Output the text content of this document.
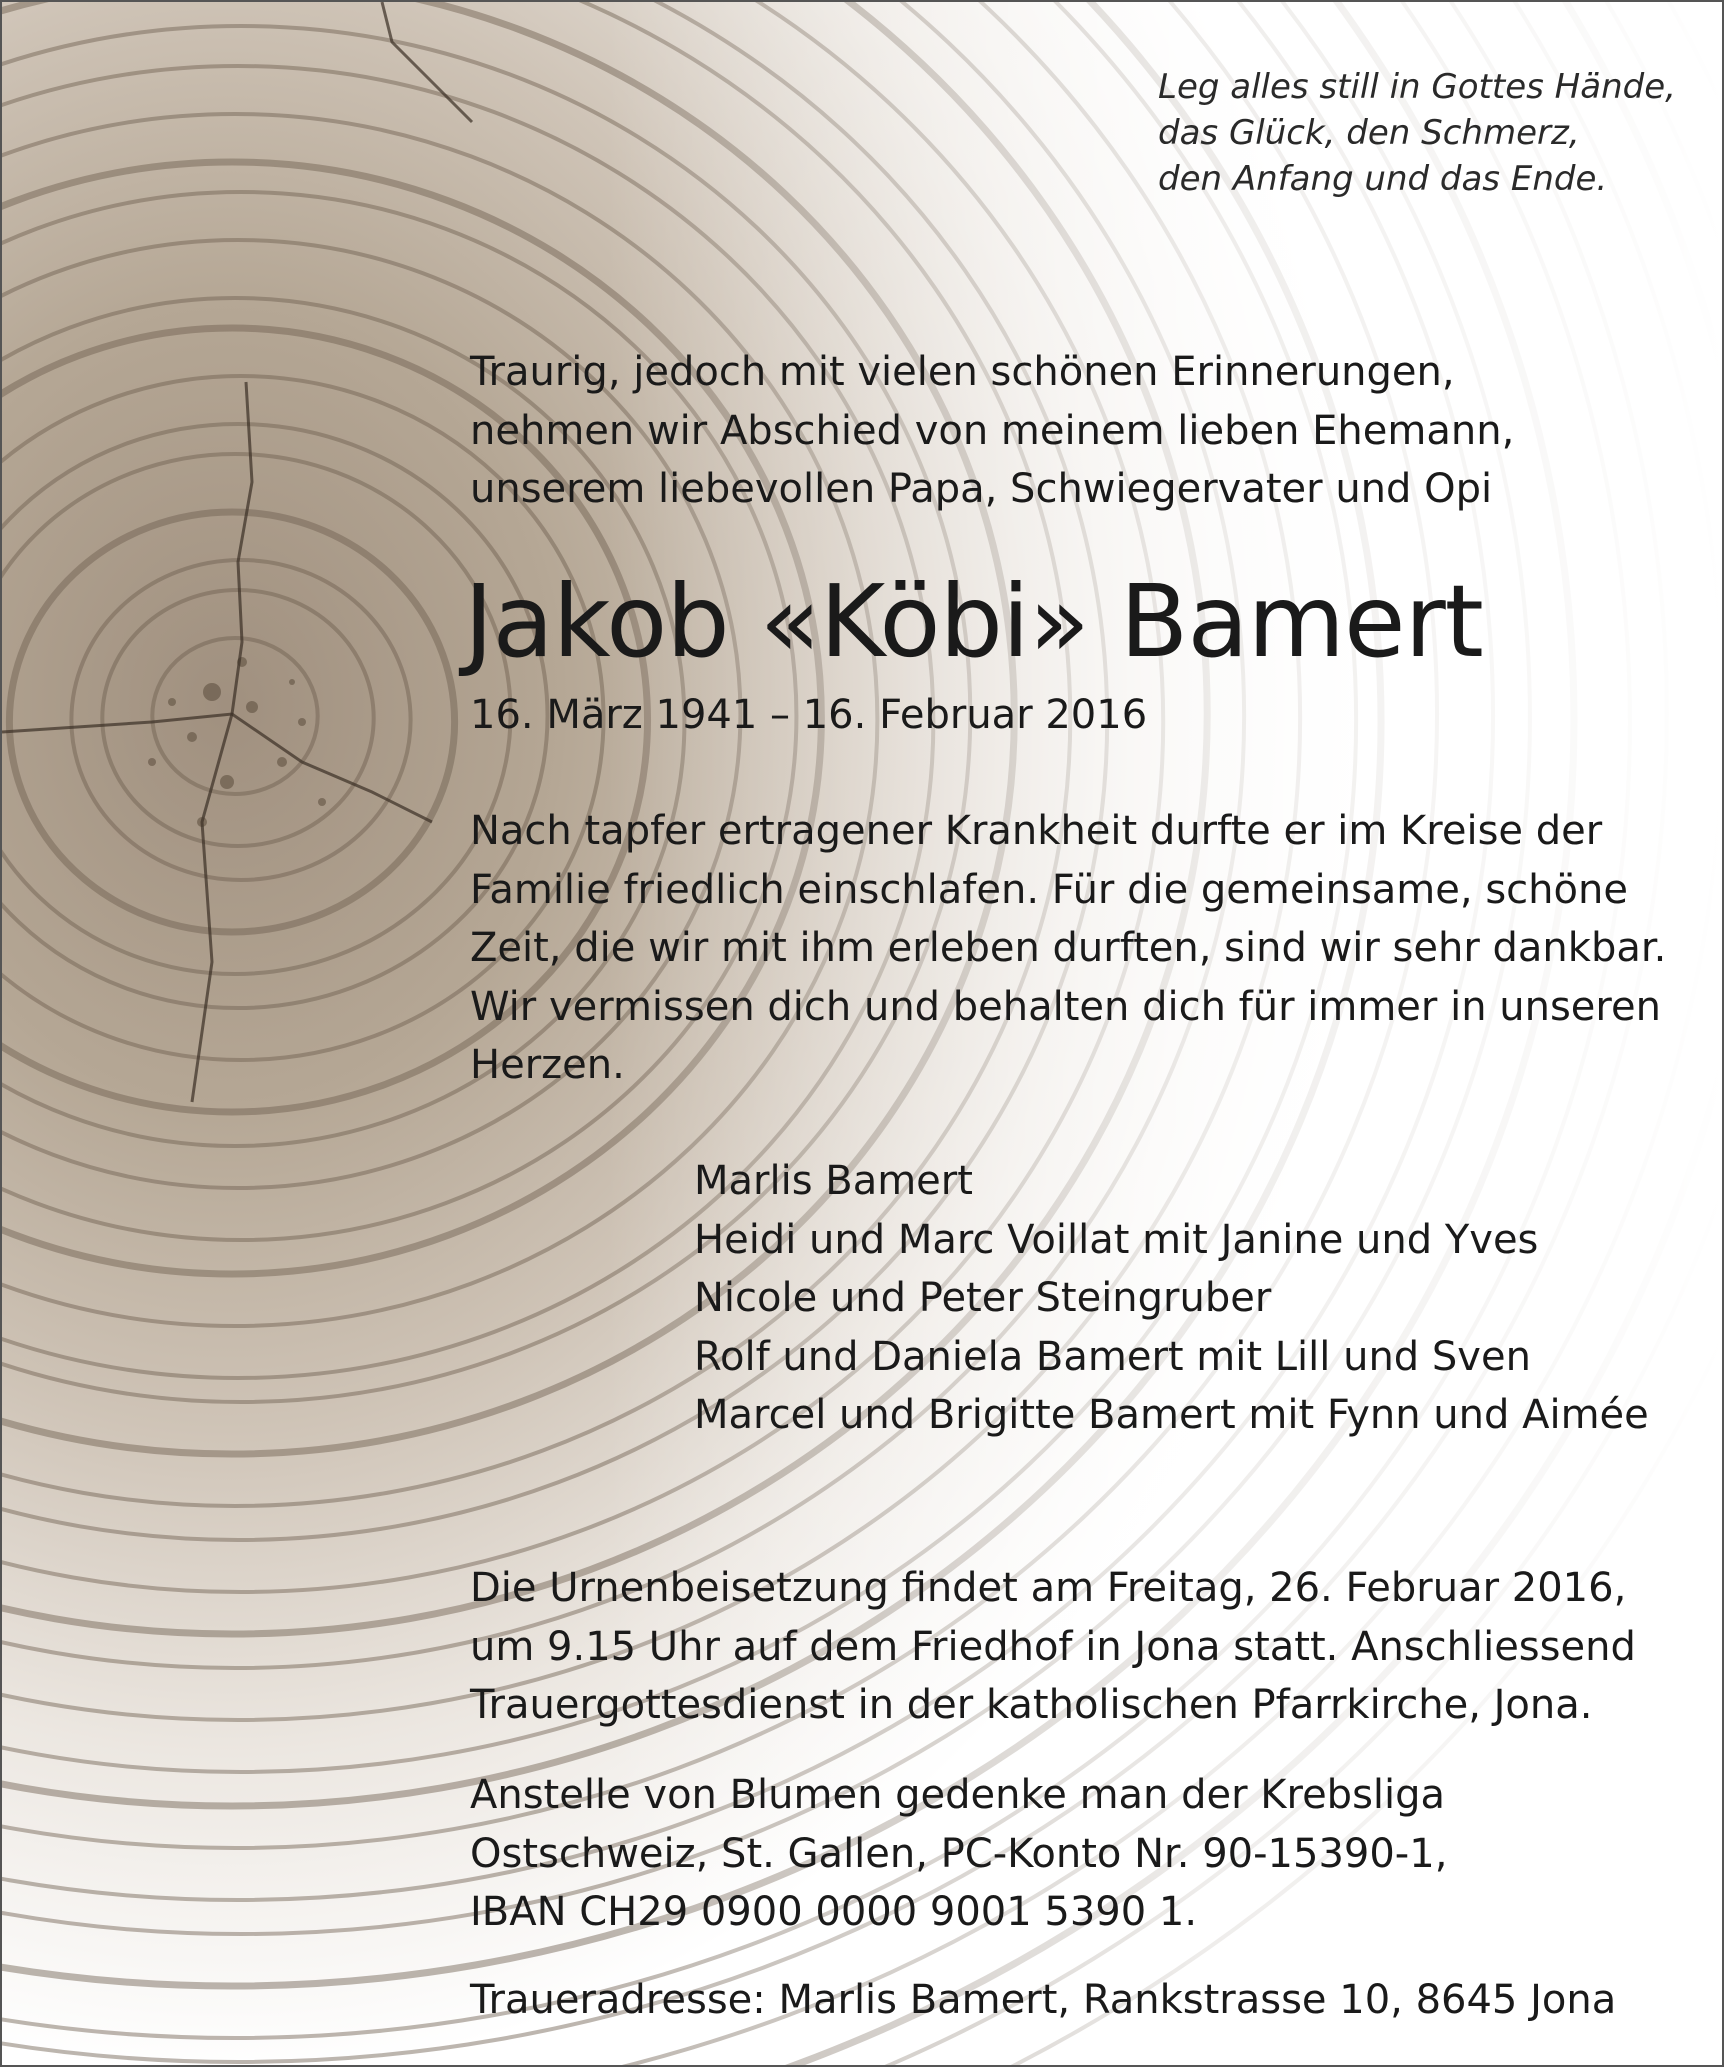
Leg alles still in Gottes Hände,

das Glück, den Schmerz,

den Anfang und das Ende.

Traurig, jedoch mit vielen schönen Erinnerungen,

nehmen wir Abschied von meinem lieben Ehemann,

unserem liebevollen Papa, Schwiegervater und Opi

Jakob «Köbi» Bamert

16. März 1941 – 16. Februar 2016

Nach tapfer ertragener Krankheit durfte er im Kreise der

Familie friedlich einschlafen. Für die gemeinsame, schöne

Zeit, die wir mit ihm erleben durften, sind wir sehr dankbar.

Wir vermissen dich und behalten dich für immer in unseren

Herzen.

Marlis Bamert

Heidi und Marc Voillat mit Janine und Yves

Nicole und Peter Steingruber

Rolf und Daniela Bamert mit Lill und Sven

Marcel und Brigitte Bamert mit Fynn und Aimée

Die Urnenbeisetzung findet am Freitag, 26. Februar 2016,

um 9.15 Uhr auf dem Friedhof in Jona statt. Anschliessend

Trauergottesdienst in der katholischen Pfarrkirche, Jona.

Anstelle von Blumen gedenke man der Krebsliga

Ostschweiz, St. Gallen, PC-Konto Nr. 90-15390-1,

IBAN CH29 0900 0000 9001 5390 1.

Traueradresse: Marlis Bamert, Rankstrasse 10, 8645 Jona
